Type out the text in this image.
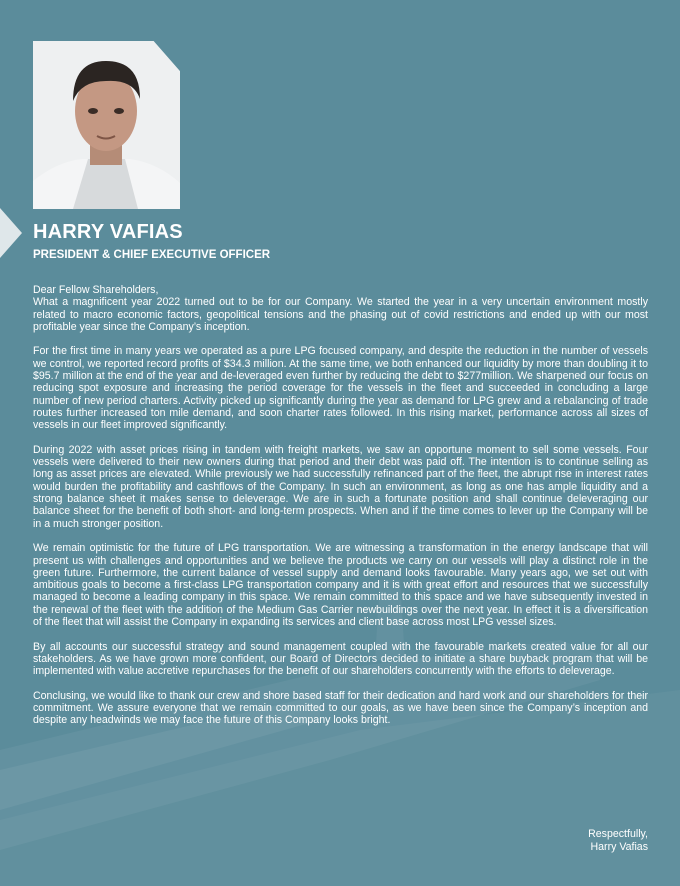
HARRY VAFIAS
PRESIDENT & CHIEF EXECUTIVE OFFICER

Dear Fellow Shareholders,

What a magnificent year 2022 turned out to be for our Company. We started the year in a very uncertain environment mostly related to macro economic factors, geopolitical tensions and the phasing out of covid restrictions and ended up with our most profitable year since the Company’s inception.

For the first time in many years we operated as a pure LPG focused company, and despite the reduction in the number of vessels we control, we reported record profits of $34.3 million. At the same time, we both enhanced our liquidity by more than doubling it to $95.7 million at the end of the year and de-leveraged even further by reducing the debt to $277million. We sharpened our focus on reducing spot exposure and increasing the period coverage for the vessels in the fleet and succeeded in concluding a large number of new period charters. Activity picked up significantly during the year as demand for LPG grew and a rebalancing of trade routes further increased ton mile demand, and soon charter rates followed. In this rising market, performance across all sizes of vessels in our fleet improved significantly.

During 2022 with asset prices rising in tandem with freight markets, we saw an opportune moment to sell some vessels. Four vessels were delivered to their new owners during that period and their debt was paid off. The intention is to continue selling as long as asset prices are elevated. While previously we had successfully refinanced part of the fleet, the abrupt rise in interest rates would burden the profitability and cashflows of the Company. In such an environment, as long as one has ample liquidity and a strong balance sheet it makes sense to deleverage. We are in such a fortunate position and shall continue deleveraging our balance sheet for the benefit of both short- and long-term prospects. When and if the time comes to lever up the Company will be in a much stronger position.

We remain optimistic for the future of LPG transportation. We are witnessing a transformation in the energy landscape that will present us with challenges and opportunities and we believe the products we carry on our vessels will play a distinct role in the green future. Furthermore, the current balance of vessel supply and demand looks favourable. Many years ago, we set out with ambitious goals to become a first-class LPG transportation company and it is with great effort and resources that we successfully managed to become a leading company in this space. We remain committed to this space and we have subsequently invested in the renewal of the fleet with the addition of the Medium Gas Carrier newbuildings over the next year. In effect it is a diversification of the fleet that will assist the Company in expanding its services and client base across most LPG vessel sizes.

By all accounts our successful strategy and sound management coupled with the favourable markets created value for all our stakeholders. As we have grown more confident, our Board of Directors decided to initiate a share buyback program that will be implemented with value accretive repurchases for the benefit of our shareholders concurrently with the efforts to deleverage.

Conclusing, we would like to thank our crew and shore based staff for their dedication and hard work and our shareholders for their commitment. We assure everyone that we remain committed to our goals, as we have been since the Company’s inception and despite any headwinds we may face the future of this Company looks bright.

Respectfully,
Harry Vafias
